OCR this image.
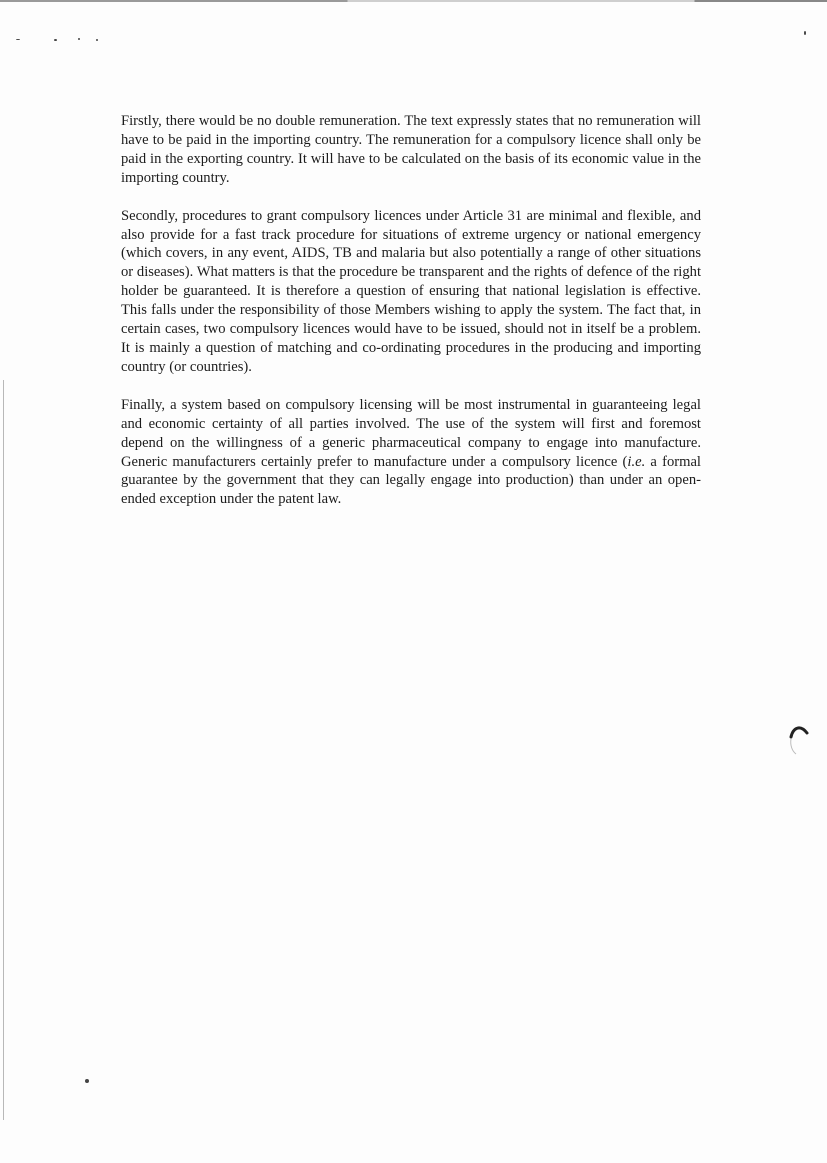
Firstly, there would be no double remuneration. The text expressly states that no remuneration will have to be paid in the importing country. The remuneration for a compulsory licence shall only be paid in the exporting country. It will have to be calculated on the basis of its economic value in the importing country.

Secondly, procedures to grant compulsory licences under Article 31 are minimal and flexible, and also provide for a fast track procedure for situations of extreme urgency or national emergency (which covers, in any event, AIDS, TB and malaria but also potentially a range of other situations or diseases). What matters is that the procedure be transparent and the rights of defence of the right holder be guaranteed. It is therefore a question of ensuring that national legislation is effective. This falls under the responsibility of those Members wishing to apply the system. The fact that, in certain cases, two compulsory licences would have to be issued, should not in itself be a problem. It is mainly a question of matching and co-ordinating procedures in the producing and importing country (or countries).

Finally, a system based on compulsory licensing will be most instrumental in guaranteeing legal and economic certainty of all parties involved. The use of the system will first and foremost depend on the willingness of a generic pharmaceutical company to engage into manufacture. Generic manufacturers certainly prefer to manufacture under a compulsory licence (i.e. a formal guarantee by the government that they can legally engage into production) than under an open-ended exception under the patent law.
